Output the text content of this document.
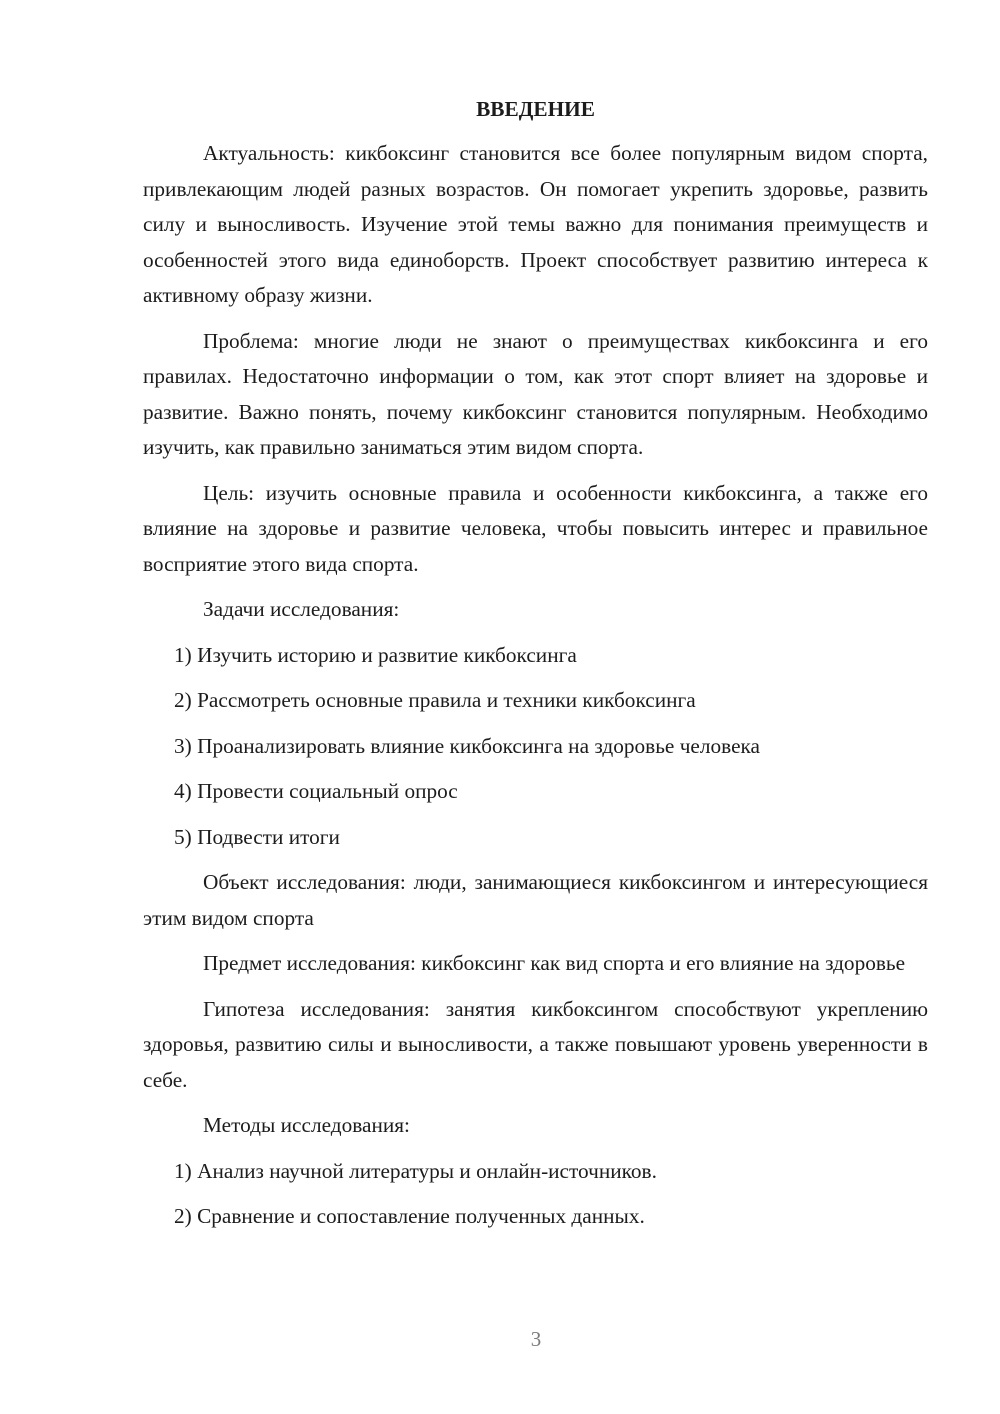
ВВЕДЕНИЕ
Актуальность: кикбоксинг становится все более популярным видом спорта, привлекающим людей разных возрастов. Он помогает укрепить здоровье, развить силу и выносливость. Изучение этой темы важно для понимания преимуществ и особенностей этого вида единоборств. Проект способствует развитию интереса к активному образу жизни.
Проблема: многие люди не знают о преимуществах кикбоксинга и его правилах. Недостаточно информации о том, как этот спорт влияет на здоровье и развитие. Важно понять, почему кикбоксинг становится популярным. Необходимо изучить, как правильно заниматься этим видом спорта.
Цель: изучить основные правила и особенности кикбоксинга, а также его влияние на здоровье и развитие человека, чтобы повысить интерес и правильное восприятие этого вида спорта.
Задачи исследования:
1) Изучить историю и развитие кикбоксинга
2) Рассмотреть основные правила и техники кикбоксинга
3) Проанализировать влияние кикбоксинга на здоровье человека
4) Провести социальный опрос
5) Подвести итоги
Объект исследования: люди, занимающиеся кикбоксингом и интересующиеся этим видом спорта
Предмет исследования: кикбоксинг как вид спорта и его влияние на здоровье
Гипотеза исследования: занятия кикбоксингом способствуют укреплению здоровья, развитию силы и выносливости, а также повышают уровень уверенности в себе.
Методы исследования:
1) Анализ научной литературы и онлайн-источников.
2) Сравнение и сопоставление полученных данных.
3
